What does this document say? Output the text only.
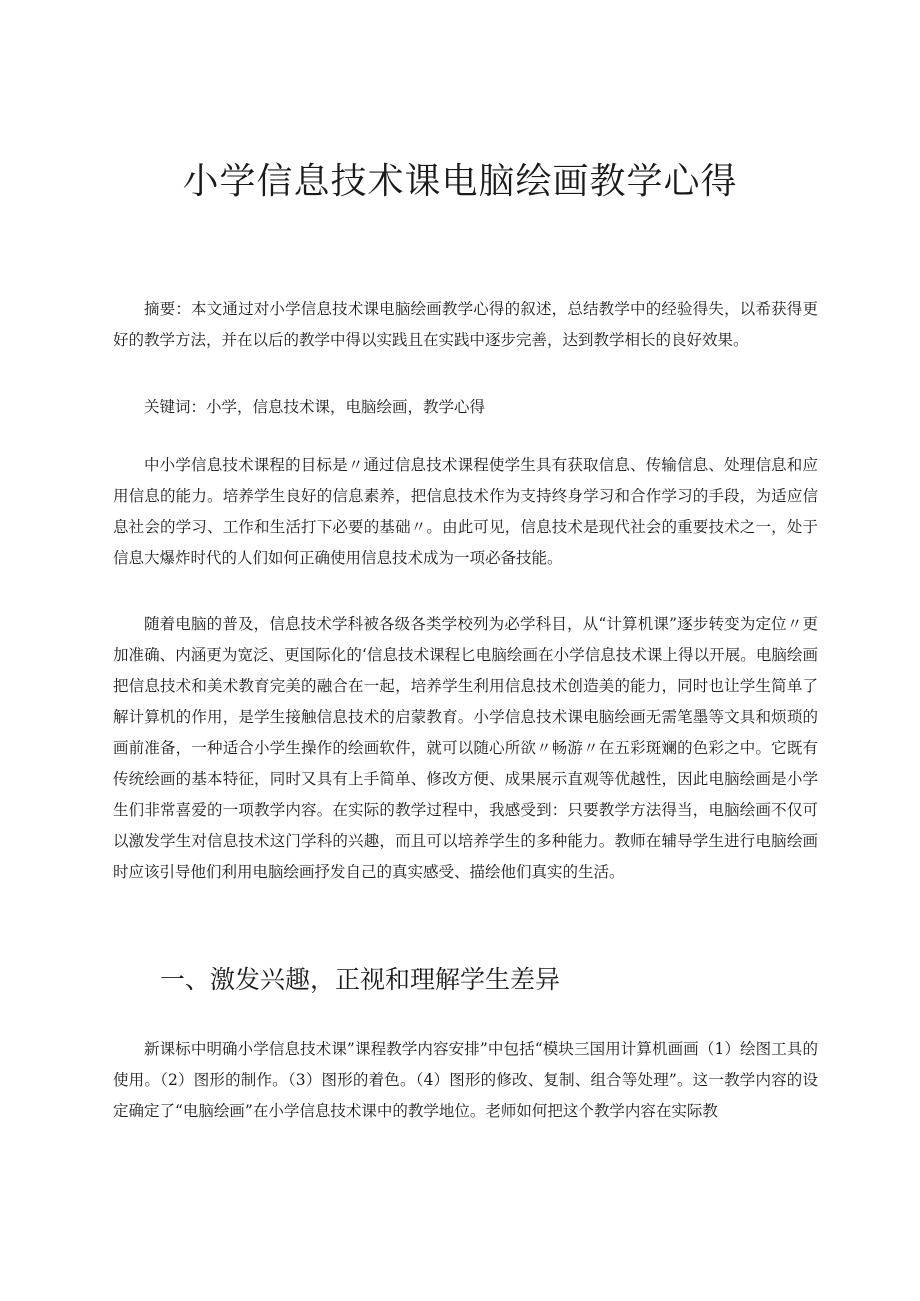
小学信息技术课电脑绘画教学心得

摘要：本文通过对小学信息技术课电脑绘画教学心得的叙述，总结教学中的经验得失，以希获得更好的教学方法，并在以后的教学中得以实践且在实践中逐步完善，达到教学相长的良好效果。

关键词：小学，信息技术课，电脑绘画，教学心得

中小学信息技术课程的目标是〃通过信息技术课程使学生具有获取信息、传输信息、处理信息和应用信息的能力。培养学生良好的信息素养，把信息技术作为支持终身学习和合作学习的手段，为适应信息社会的学习、工作和生活打下必要的基础〃。由此可见，信息技术是现代社会的重要技术之一，处于信息大爆炸时代的人们如何正确使用信息技术成为一项必备技能。

随着电脑的普及，信息技术学科被各级各类学校列为必学科目，从“计算机课”逐步转变为定位〃更加准确、内涵更为宽泛、更国际化的‘信息技术课程匕电脑绘画在小学信息技术课上得以开展。电脑绘画把信息技术和美术教育完美的融合在一起，培养学生利用信息技术创造美的能力，同时也让学生简单了解计算机的作用，是学生接触信息技术的启蒙教育。小学信息技术课电脑绘画无需笔墨等文具和烦琐的画前准备，一种适合小学生操作的绘画软件，就可以随心所欲〃畅游〃在五彩斑斓的色彩之中。它既有传统绘画的基本特征，同时又具有上手简单、修改方便、成果展示直观等优越性，因此电脑绘画是小学生们非常喜爱的一项教学内容。在实际的教学过程中，我感受到：只要教学方法得当，电脑绘画不仅可以激发学生对信息技术这门学科的兴趣，而且可以培养学生的多种能力。教师在辅导学生进行电脑绘画时应该引导他们利用电脑绘画抒发自己的真实感受、描绘他们真实的生活。

一、激发兴趣，正视和理解学生差异

新课标中明确小学信息技术课”课程教学内容安排”中包括“模块三国用计算机画画（1）绘图工具的使用。（2）图形的制作。（3）图形的着色。（4）图形的修改、复制、组合等处理”。这一教学内容的设定确定了“电脑绘画”在小学信息技术课中的教学地位。老师如何把这个教学内容在实际教
